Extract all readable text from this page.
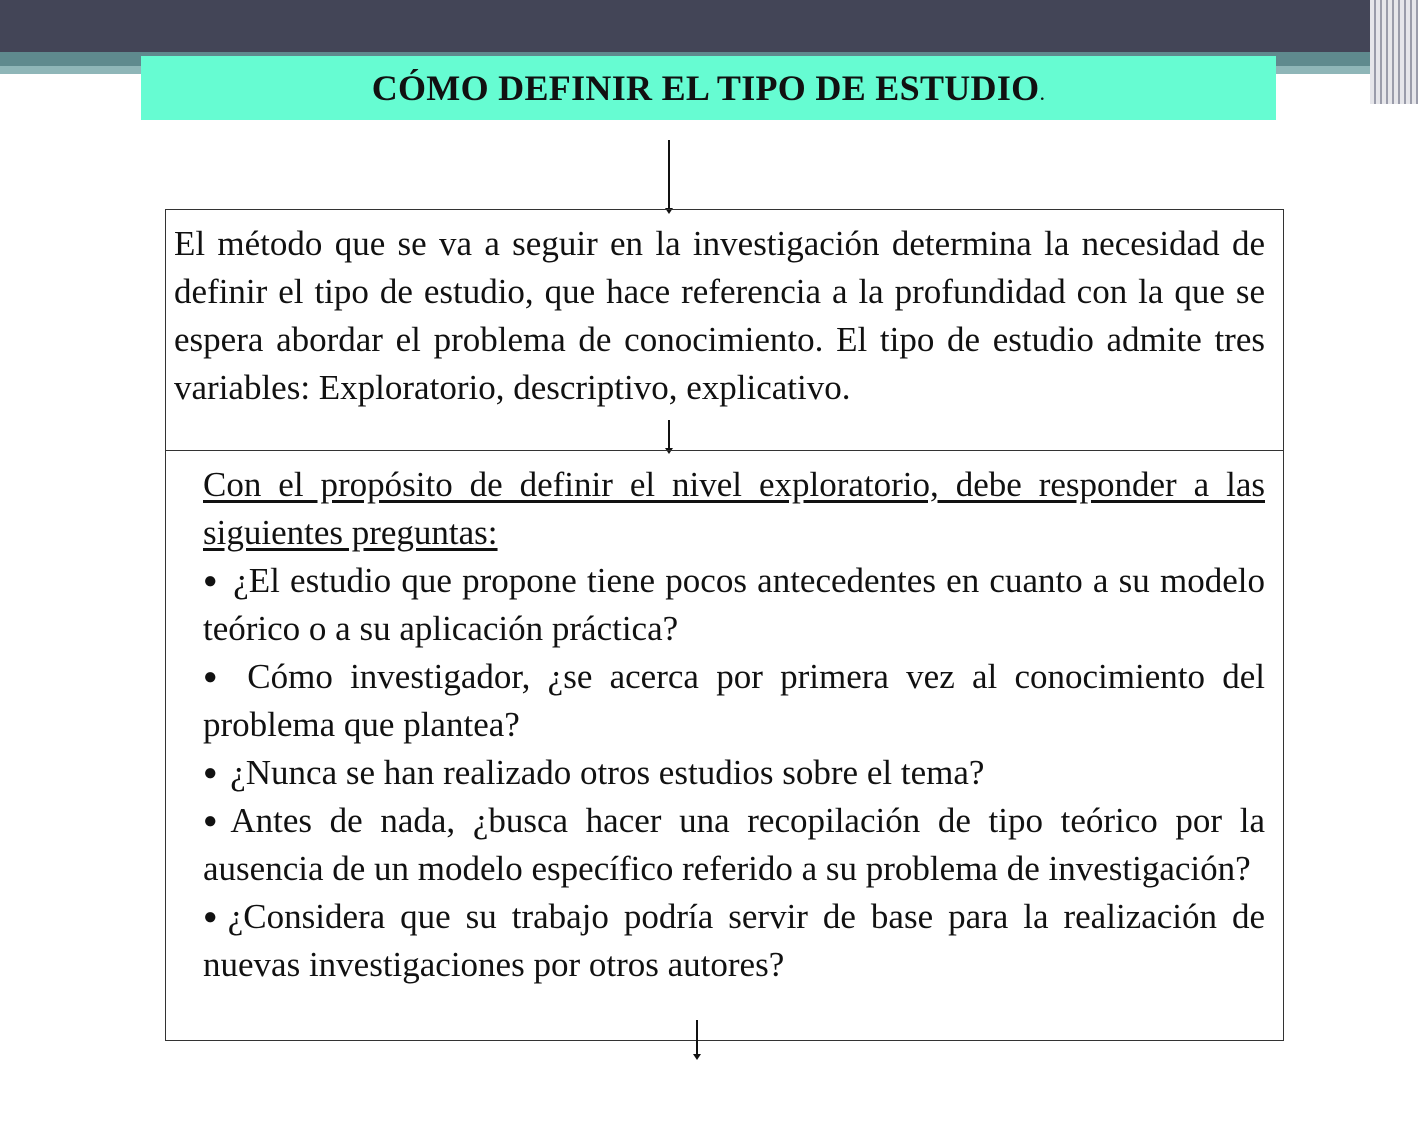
CÓMO DEFINIR EL TIPO DE ESTUDIO.

El método que se va a seguir en la investigación determina la necesidad de definir el tipo de estudio, que hace referencia a la profundidad con la que se espera abordar el problema de conocimiento. El tipo de estudio admite tres variables: Exploratorio, descriptivo, explicativo.

Con el propósito de definir el nivel exploratorio, debe responder a las siguientes preguntas:

● ¿El estudio que propone tiene pocos antecedentes en cuanto a su modelo teórico o a su aplicación práctica?
● Cómo investigador, ¿se acerca por primera vez al conocimiento del problema que plantea?
● ¿Nunca se han realizado otros estudios sobre el tema?
● Antes de nada, ¿busca hacer una recopilación de tipo teórico por la ausencia de un modelo específico referido a su problema de investigación?
● ¿Considera que su trabajo podría servir de base para la realización de nuevas investigaciones por otros autores?
